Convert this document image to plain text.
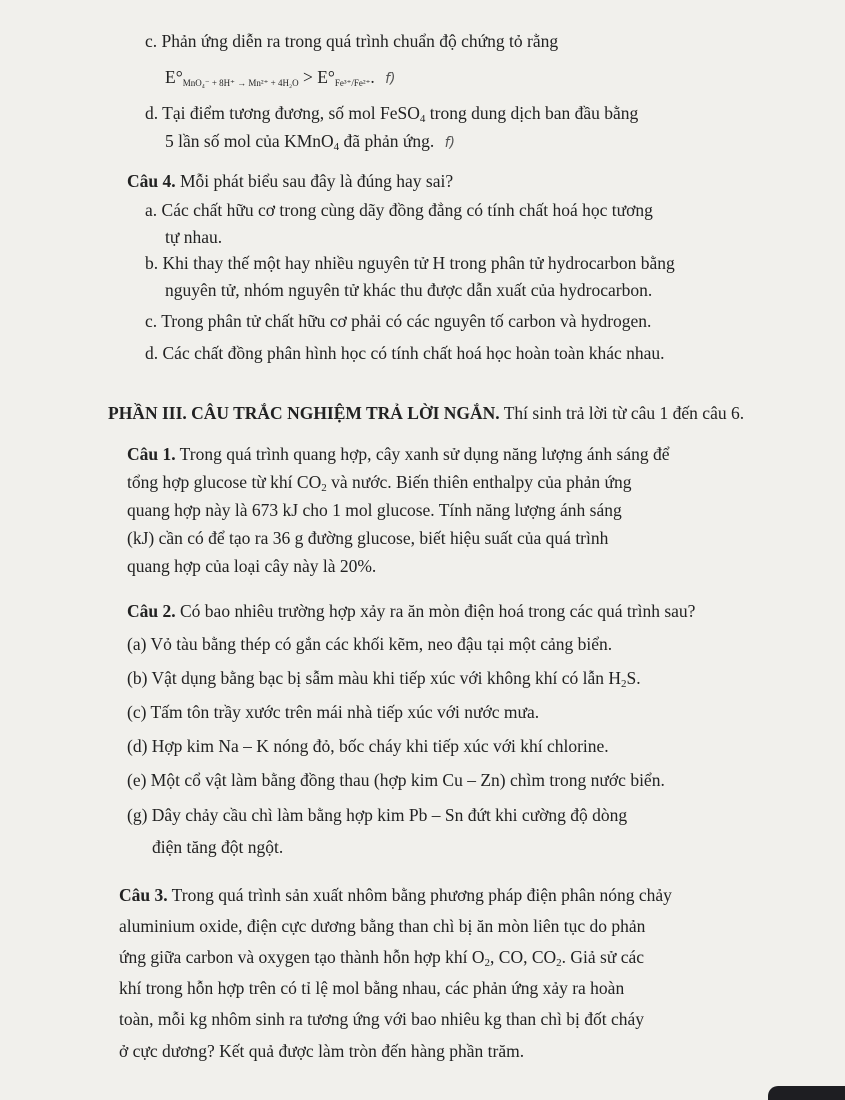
c. Phản ứng diễn ra trong quá trình chuẩn độ chứng tỏ rằng
$E^\circ_{MnO_4^- + 8H^+ \to Mn^{2+} + 4H_2O} > E^\circ_{Fe^{3+}/Fe^{2+}}$. f)
d. Tại điểm tương đương, số mol FeSO$_4$ trong dung dịch ban đầu bằng
5 lần số mol của KMnO$_4$ đã phản ứng. f)
Câu 4. Mỗi phát biểu sau đây là đúng hay sai?
a. Các chất hữu cơ trong cùng dãy đồng đẳng có tính chất hoá học tương
tự nhau.
b. Khi thay thế một hay nhiều nguyên tử H trong phân tử hydrocarbon bằng
nguyên tử, nhóm nguyên tử khác thu được dẫn xuất của hydrocarbon.
c. Trong phân tử chất hữu cơ phải có các nguyên tố carbon và hydrogen.
d. Các chất đồng phân hình học có tính chất hoá học hoàn toàn khác nhau.
PHẦN III. CÂU TRẮC NGHIỆM TRẢ LỜI NGẮN. Thí sinh trả lời từ câu 1 đến câu 6.
Câu 1. Trong quá trình quang hợp, cây xanh sử dụng năng lượng ánh sáng để
tổng hợp glucose từ khí $CO_2$ và nước. Biến thiên enthalpy của phản ứng
quang hợp này là 673 kJ cho 1 mol glucose. Tính năng lượng ánh sáng
(kJ) cần có để tạo ra 36 g đường glucose, biết hiệu suất của quá trình
quang hợp của loại cây này là 20%.
Câu 2. Có bao nhiêu trường hợp xảy ra ăn mòn điện hoá trong các quá trình sau?
(a) Vỏ tàu bằng thép có gắn các khối kẽm, neo đậu tại một cảng biển.
(b) Vật dụng bằng bạc bị sẫm màu khi tiếp xúc với không khí có lẫn $H_2S$.
(c) Tấm tôn trầy xước trên mái nhà tiếp xúc với nước mưa.
(d) Hợp kim Na – K nóng đỏ, bốc cháy khi tiếp xúc với khí chlorine.
(e) Một cổ vật làm bằng đồng thau (hợp kim Cu – Zn) chìm trong nước biển.
(g) Dây chảy cầu chì làm bằng hợp kim Pb – Sn đứt khi cường độ dòng
điện tăng đột ngột.
Câu 3. Trong quá trình sản xuất nhôm bằng phương pháp điện phân nóng chảy
aluminium oxide, điện cực dương bằng than chì bị ăn mòn liên tục do phản
ứng giữa carbon và oxygen tạo thành hỗn hợp khí $O_2$, CO, $CO_2$. Giả sử các
khí trong hỗn hợp trên có tỉ lệ mol bằng nhau, các phản ứng xảy ra hoàn
toàn, mỗi kg nhôm sinh ra tương ứng với bao nhiêu kg than chì bị đốt cháy
ở cực dương? Kết quả được làm tròn đến hàng phần trăm.
